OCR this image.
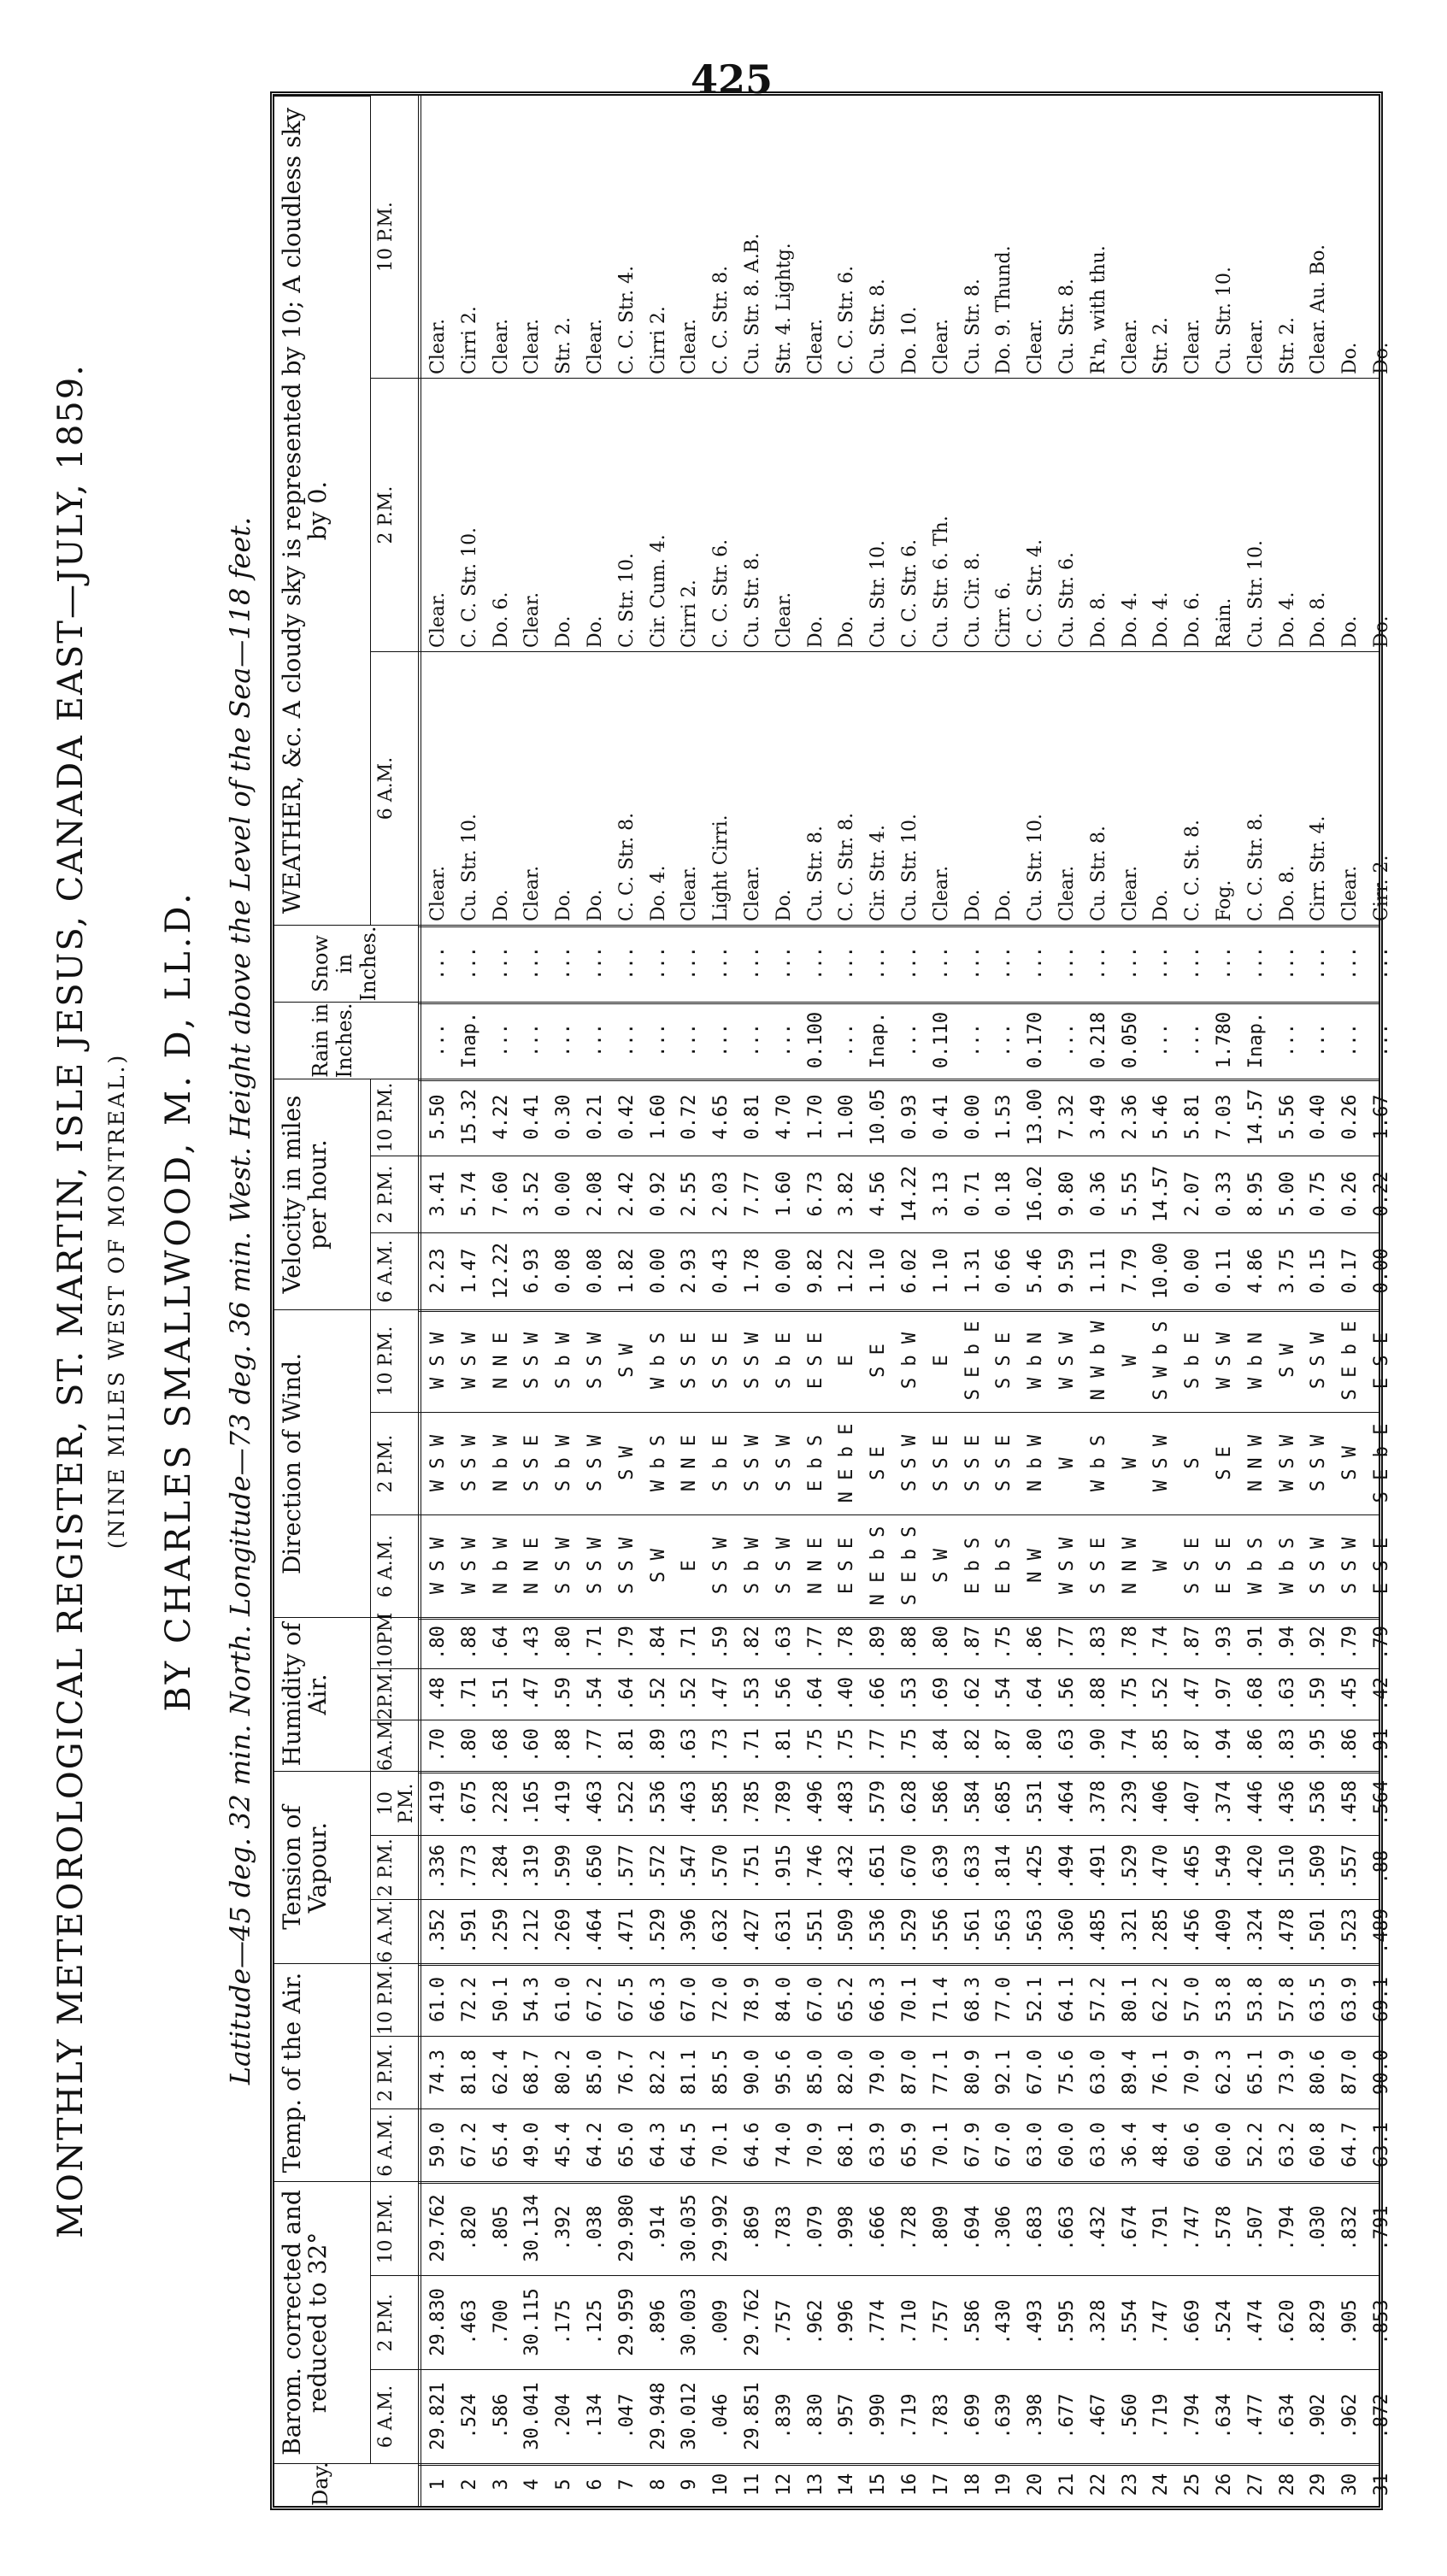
425
MONTHLY METEOROLOGICAL REGISTER, ST. MARTIN, ISLE JESUS, CANADA EAST—JULY, 1859. (NINE MILES WEST OF MONTREAL.) BY CHARLES SMALLWOOD, M. D, LL.D. Latitude—45 deg. 32 min. North. Longitude—73 deg. 36 min. West. Height above the Level of the Sea—118 feet.
Day.
Barom. corrected and reduced to 32°
6 A.M.
2 P.M.
10 P.M.
Temp. of the Air.	6 A.M.
2 P.M.
10 P.M.
Tension of Vapour.
6 A.M.
2 P.M.
10 P.M.
Humidity of Air.
6A.M.
2P.M.
10PM
Direction of Wind.	6 A.M.
2 P.M.
10 P.M.
Velocity in miles per hour.
6 A.M.
2 P.M.
10 P.M.
Rain in Inches.
Snow in Inches.
WEATHER, &c. A cloudy sky is represented by 10; A cloudless sky by 0.
6 A.M.
2 P.M.
10 P.M.
1
29.821
29.830
29.762
59.0
74.3
61.0
.352
.336
.419
.70
.48
.80
W S W
W S W
W S W
2.23
3.41
5.50
...
...
Clear.
Clear.
Clear.
2
.524
.463
.820
67.2
81.8
72.2
.591
.773
.675
.80
.71
.88
W S W
S S W
W S W
1.47
5.74
15.32
Inap.
...
Cu. Str. 10.
C. C. Str. 10.
Cirri 2.
3
.586
.700
.805
65.4
62.4
50.1
.259
.284
.228
.68
.51
.64
N b W
N b W
N N E
12.22
7.60
4.22
...
...
Do.
Do. 6.
Clear.
4
30.041
30.115
30.134
49.0
68.7
54.3
.212
.319
.165
.60
.47
.43
N N E
S S E
S S W
6.93
3.52
0.41
...
...
Clear.
Clear.
Clear.
5
.204
.175
.392
45.4
80.2
61.0
.269
.599
.419
.88
.59
.80
S S W
S b W
S b W
0.08
0.00
0.30
...
...
Do.
Do.
Str. 2.
6
.134
.125
.038
64.2
85.0
67.2
.464
.650
.463
.77
.54
.71
S S W
S S W
S S W
0.08
2.08
0.21
...
...
Do.
Do.
Clear.
7
.047
29.959
29.980
65.0
76.7
67.5
.471
.577
.522
.81
.64
.79
S S W
S W
S W
1.82
2.42
0.42
...
...
C. C. Str. 8.
C. Str. 10.
C. C. Str. 4.
8
29.948
.896
.914
64.3
82.2
66.3
.529
.572
.536
.89
.52
.84
S W
W b S
W b S
0.00
0.92
1.60
...
...
Do. 4.
Cir. Cum. 4.
Cirri 2.
9
30.012
30.003
30.035
64.5
81.1
67.0
.396
.547
.463
.63
.52
.71
E
N N E
S S E
2.93
2.55
0.72
...
...
Clear.
Cirri 2.
Clear.
10
.046
.009
29.992
70.1
85.5
72.0
.632
.570
.585
.73
.47
.59
S S W
S b E
S S E
0.43
2.03
4.65
...
...
Light Cirri.
C. C. Str. 6.
C. C. Str. 8.
11
29.851
29.762
.869
64.6
90.0
78.9
.427
.751
.785
.71
.53
.82
S b W
S S W
S S W
1.78
7.77
0.81
...
...
Clear.
Cu. Str. 8.
Cu. Str. 8. A.B.
12
.839
.757
.783
74.0
95.6
84.0
.631
.915
.789
.81
.56
.63
S S W
S S W
S b E
0.00
1.60
4.70
...
...
Do.
Clear.
Str. 4. Lightg.
13
.830
.962
.079
70.9
85.0
67.0
.551
.746
.496
.75
.64
.77
N N E
E b S
E S E
9.82
6.73
1.70
0.100
...
Cu. Str. 8.
Do.
Clear.
14
.957
.996
.998
68.1
82.0
65.2
.509
.432
.483
.75
.40
.78
E S E
N E b E
E
1.22
3.82
1.00
...
...
C. C. Str. 8.
Do.
C. C. Str. 6.
15
.990
.774
.666
63.9
79.0
66.3
.536
.651
.579
.77
.66
.89
N E b S
S E
S E
1.10
4.56
10.05
Inap.
...
Cir. Str. 4.
Cu. Str. 10.
Cu. Str. 8.
16
.719
.710
.728
65.9
87.0
70.1
.529
.670
.628
.75
.53
.88
S E b S
S S W
S b W
6.02
14.22
0.93
...
...
Cu. Str. 10.
C. C. Str. 6.
Do. 10.
17
.783
.757
.809
70.1
77.1
71.4
.556
.639
.586
.84
.69
.80
S W
S S E
E
1.10
3.13
0.41
0.110
...
Clear.
Cu. Str. 6. Th.
Clear.
18
.699
.586
.694
67.9
80.9
68.3
.561
.633
.584
.82
.62
.87
E b S
S S E
S E b E
1.31
0.71
0.00
...
...
Do.
Cu. Cir. 8.
Cu. Str. 8.
19
.639
.430
.306
67.0
92.1
77.0
.563
.814
.685
.87
.54
.75
E b S
S S E
S S E
0.66
0.18
1.53
...
...
Do.
Cirr. 6.
Do. 9. Thund.
20
.398
.493
.683
63.0
67.0
52.1
.563
.425
.531
.80
.64
.86
N W
N b W
W b N
5.46
16.02
13.00
0.170
...
Cu. Str. 10.
C. C. Str. 4.
Clear.
21
.677
.595
.663
60.0
75.6
64.1
.360
.494
.464
.63
.56
.77
W S W
W
W S W
9.59
9.80
7.32
...
...
Clear.
Cu. Str. 6.
Cu. Str. 8.
22
.467
.328
.432
63.0
63.0
57.2
.485
.491
.378
.90
.88
.83
S S E
W b S
N W b W
1.11
0.36
3.49
0.218
...
Cu. Str. 8.
Do. 8.
R'n, with thu.
23
.560
.554
.674
36.4
89.4
80.1
.321
.529
.239
.74
.75
.78
N N W
W
W
7.79
5.55
2.36
0.050
...
Clear.
Do. 4.
Clear.
24
.719
.747
.791
48.4
76.1
62.2
.285
.470
.406
.85
.52
.74
W
W S W
S W b S
10.00
14.57
5.46
...
...
Do.
Do. 4.
Str. 2.
25
.794
.669
.747
60.6
70.9
57.0
.456
.465
.407
.87
.47
.87
S S E
S
S b E
0.00
2.07
5.81
...
...
C. C. St. 8.
Do. 6.
Clear.
26
.634
.524
.578
60.0
62.3
53.8
.409
.549
.374
.94
.97
.93
E S E
S E
W S W
0.11
0.33
7.03
1.780
...
Fog.
Rain.
Cu. Str. 10.
27
.477
.474
.507
52.2
65.1
53.8
.324
.420
.446
.86
.68
.91
W b S
N N W
W b N
4.86
8.95
14.57
Inap.
...
C. C. Str. 8.
Cu. Str. 10.
Clear.
28
.634
.620
.794
63.2
73.9
57.8
.478
.510
.436
.83
.63
.94
W b S
W S W
S W
3.75
5.00
5.56
...
...
Do. 8.
Do. 4.
Str. 2.
29
.902
.829
.030
60.8
80.6
63.5
.501
.509
.536
.95
.59
.92
S S W
S S W
S S W
0.15
0.75
0.40
...
...
Cirr. Str. 4.
Do. 8.
Clear. Au. Bo.
30
.962
.905
.832
64.7
87.0
63.9
.523
.557
.458
.86
.45
.79
S S W
S W
S E b E
0.17
0.26
0.26
...
...
Clear.
Do.
Do.
31
.872
.853
.791
63.1
90.0
69.1
.489
.88
.564
.91
.42
.79
E S E
S E b E
E S E
0.00
0.22
1.67
...
...
Cirr. 2.
Do.
Do.
